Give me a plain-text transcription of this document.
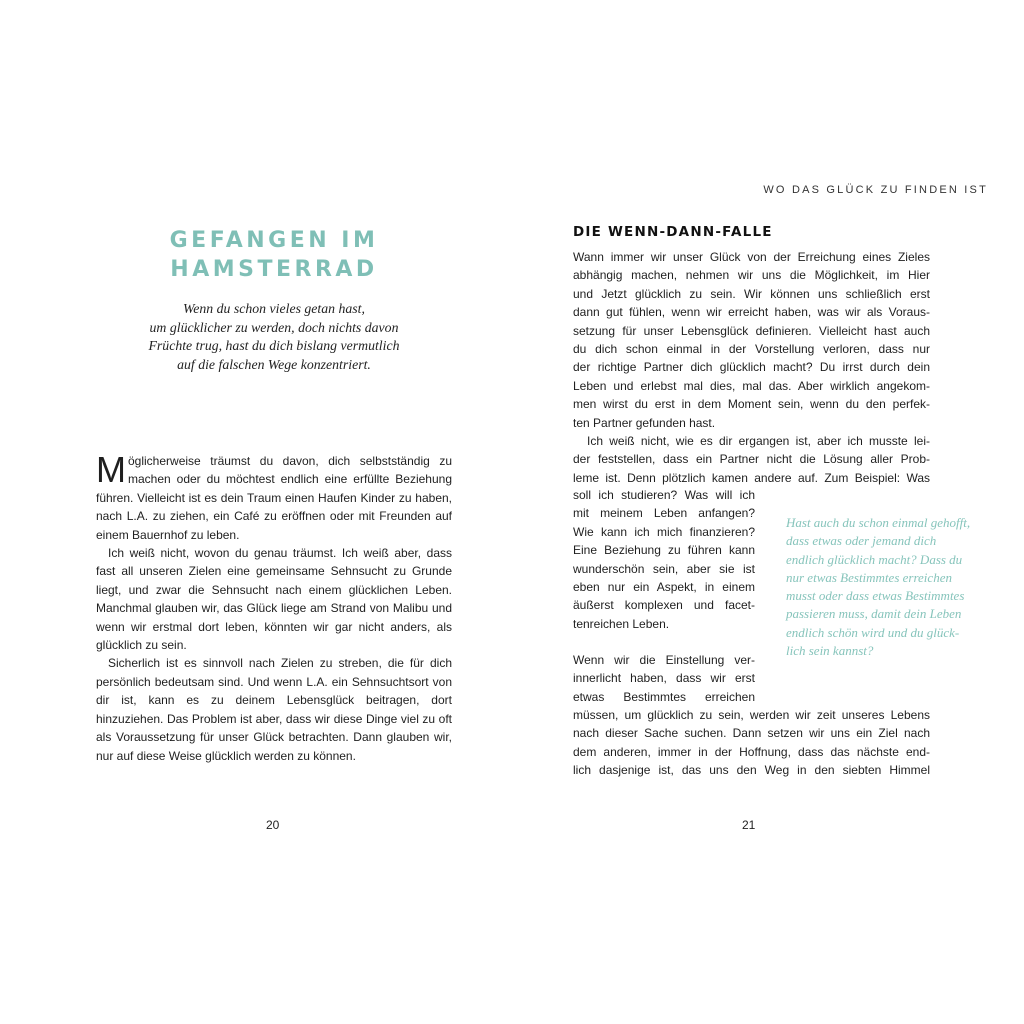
WO DAS GLÜCK ZU FINDEN IST
GEFANGEN IM
HAMSTERRAD

Wenn du schon vieles getan hast,
um glücklicher zu werden, doch nichts davon
Früchte trug, hast du dich bislang vermutlich
auf die falschen Wege konzentriert.

Möglicherweise träumst du davon, dich selbstständig zu machen oder du möchtest endlich eine erfüllte Beziehung führen. Vielleicht ist es dein Traum einen Haufen Kinder zu haben, nach L.A. zu ziehen, ein Café zu eröffnen oder mit Freunden auf einem Bauernhof zu leben.

Ich weiß nicht, wovon du genau träumst. Ich weiß aber, dass fast all unseren Zielen eine gemeinsame Sehnsucht zu Grunde liegt, und zwar die Sehnsucht nach einem glücklichen Leben. Manchmal glauben wir, das Glück liege am Strand von Malibu und wenn wir erstmal dort leben, könnten wir gar nicht anders, als glücklich zu sein.

Sicherlich ist es sinnvoll nach Zielen zu streben, die für dich persönlich bedeutsam sind. Und wenn L.A. ein Sehnsuchtsort von dir ist, kann es zu deinem Lebensglück beitragen, dort hinzuziehen. Das Problem ist aber, dass wir diese Dinge viel zu oft als Voraussetzung für unser Glück betrachten. Dann glauben wir, nur auf diese Weise glücklich werden zu können.

20
DIE WENN-DANN-FALLE
Wann immer wir unser Glück von der Erreichung eines Zieles
abhängig machen, nehmen wir uns die Möglichkeit, im Hier
und Jetzt glücklich zu sein. Wir können uns schließlich erst
dann gut fühlen, wenn wir erreicht haben, was wir als Voraus-
setzung für unser Lebensglück definieren. Vielleicht hast auch
du dich schon einmal in der Vorstellung verloren, dass nur
der richtige Partner dich glücklich macht? Du irrst durch dein
Leben und erlebst mal dies, mal das. Aber wirklich angekom-
men wirst du erst in dem Moment sein, wenn du den perfek-
ten Partner gefunden hast.
Ich weiß nicht, wie es dir ergangen ist, aber ich musste lei-
der feststellen, dass ein Partner nicht die Lösung aller Prob-
leme ist. Denn plötzlich kamen andere auf. Zum Beispiel: Was
soll ich studieren? Was will ich
mit meinem Leben anfangen?
Wie kann ich mich finanzieren?
Eine Beziehung zu führen kann
wunderschön sein, aber sie ist
eben nur ein Aspekt, in einem
äußerst komplexen und facet-
tenreichen Leben.
Wenn wir die Einstellung ver-
innerlicht haben, dass wir erst
etwas Bestimmtes erreichen
müssen, um glücklich zu sein, werden wir zeit unseres Lebens
nach dieser Sache suchen. Dann setzen wir uns ein Ziel nach
dem anderen, immer in der Hoffnung, dass das nächste end-
lich dasjenige ist, das uns den Weg in den siebten Himmel
Hast auch du schon einmal gehofft,
dass etwas oder jemand dich
endlich glücklich macht? Dass du
nur etwas Bestimmtes erreichen
musst oder dass etwas Bestimmtes
passieren muss, damit dein Leben
endlich schön wird und du glück-
lich sein kannst?
21
